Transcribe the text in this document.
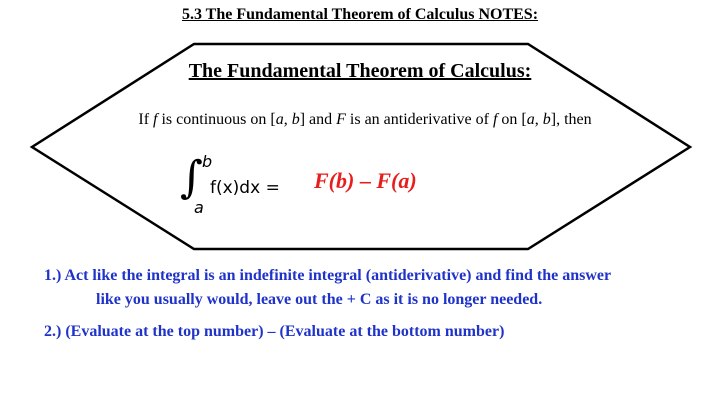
5.3 The Fundamental Theorem of Calculus NOTES:
The Fundamental Theorem of Calculus:
If f is continuous on [a, b] and F is an antiderivative of f on [a, b], then
∫ b
a
f(x)dx = F(b) – F(a)
1.) Act like the integral is an indefinite integral (antiderivative) and find the answer
like you usually would, leave out the + C as it is no longer needed.
2.) (Evaluate at the top number) – (Evaluate at the bottom number)
